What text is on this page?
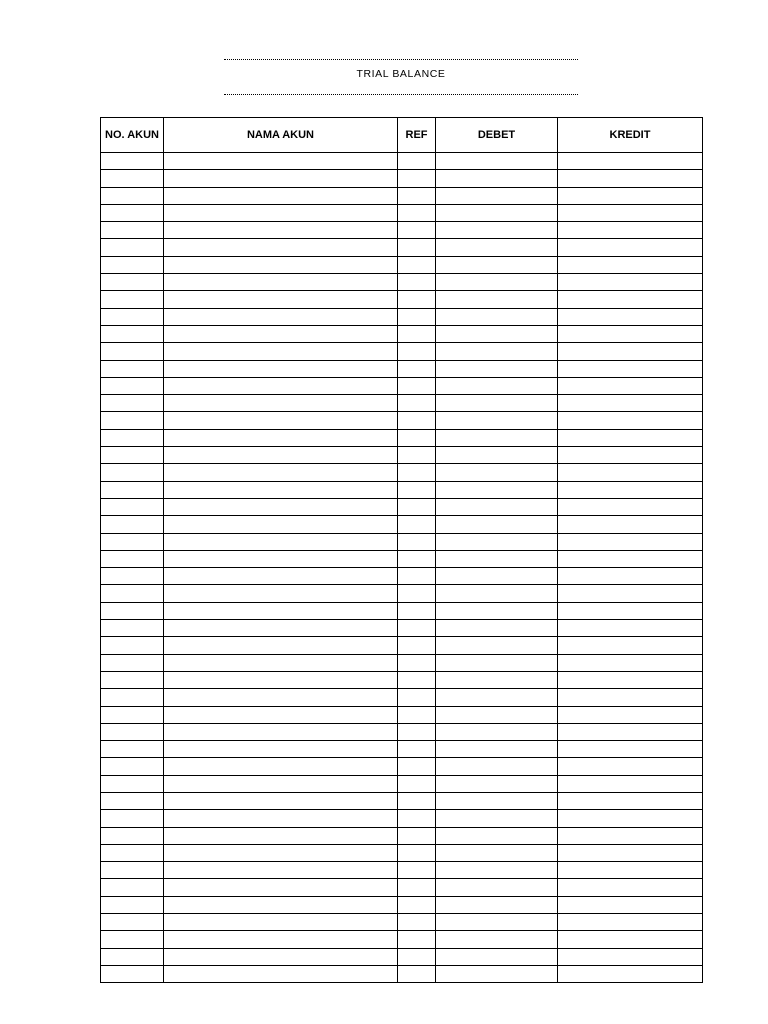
TRIAL BALANCE
NO. AKUN	NAMA AKUN	REF	DEBET	KREDIT
